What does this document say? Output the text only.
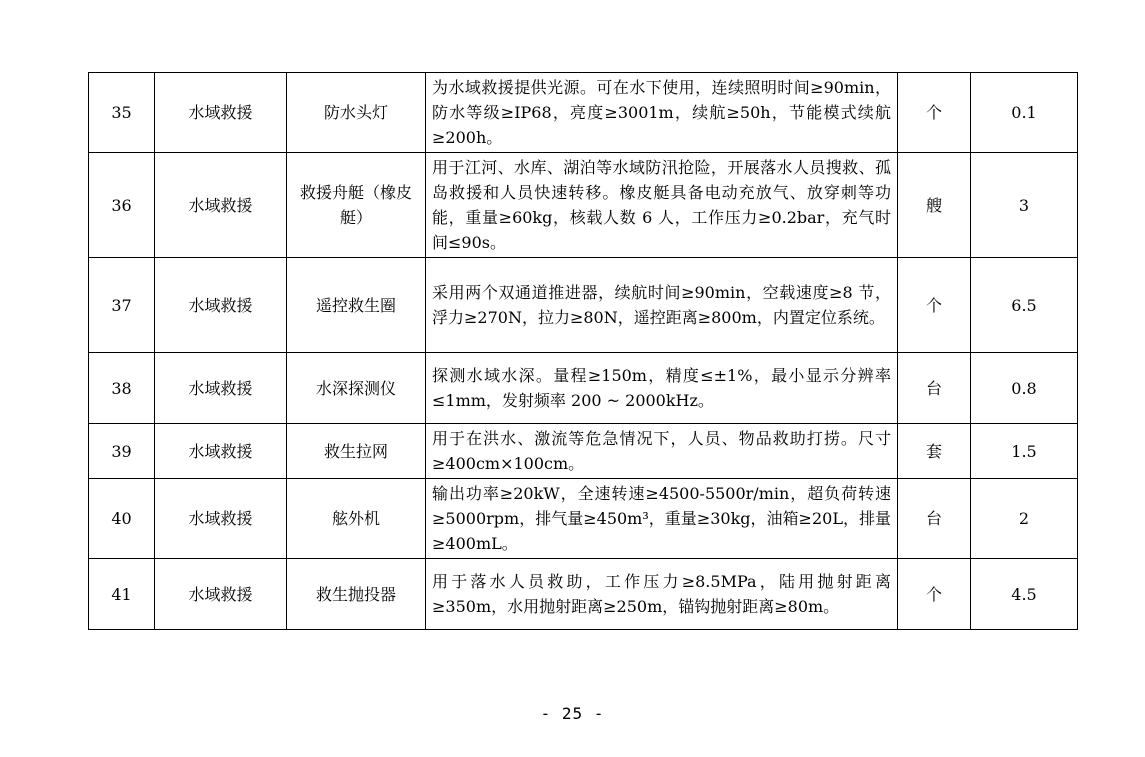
35	水域救援	防水头灯	为水域救援提供光源。可在水下使用，连续照明时间≥90min，防水等级≥IP68，亮度≥3001m，续航≥50h，节能模式续航≥200h。	个	0.1
36	水域救援	救援舟艇（橡皮艇）	用于江河、水库、湖泊等水域防汛抢险，开展落水人员搜救、孤岛救援和人员快速转移。橡皮艇具备电动充放气、放穿刺等功能，重量≥60kg，核载人数 6 人，工作压力≥0.2bar，充气时间≤90s。	艘	3
37	水域救援	遥控救生圈	采用两个双通道推进器，续航时间≥90min，空载速度≥8 节，浮力≥270N，拉力≥80N，遥控距离≥800m，内置定位系统。	个	6.5
38	水域救援	水深探测仪	探测水域水深。量程≥150m，精度≤±1%，最小显示分辨率≤1mm，发射频率 200 ~ 2000kHz。	台	0.8
39	水域救援	救生拉网	用于在洪水、激流等危急情况下，人员、物品救助打捞。尺寸≥400cm×100cm。	套	1.5
40	水域救援	舷外机	输出功率≥20kW，全速转速≥4500-5500r/min，超负荷转速≥5000rpm，排气量≥450m³，重量≥30kg，油箱≥20L，排量≥400mL。	台	2
41	水域救援	救生抛投器	用于落水人员救助，工作压力≥8.5MPa，陆用抛射距离≥350m，水用抛射距离≥250m，锚钩抛射距离≥80m。	个	4.5
- 25 -
